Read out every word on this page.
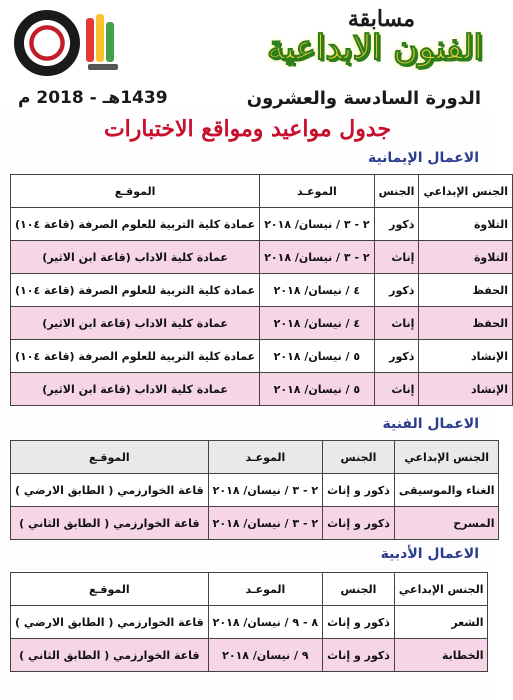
مسابقة
الفنون الابداعية
الدورة السادسة والعشرون
1439هـ - 2018 م
جدول مواعيد ومواقع الاختبارات
الاعمال الإيمانية
الجنس الإبداعي	الجنس	الموعـد	الموقـع
التلاوة	ذكور	٢ - ٣ / نيسان/ ٢٠١٨	عمادة كلية التربية للعلوم الصرفة (قاعة ١٠٤)
التلاوة	إناث	٢ - ٣ / نيسان/ ٢٠١٨	عمادة كلية الاداب (قاعة ابن الاثير)
الحفظ	ذكور	٤ / نيسان/ ٢٠١٨	عمادة كلية التربية للعلوم الصرفة (قاعة ١٠٤)
الحفظ	إناث	٤ / نيسان/ ٢٠١٨	عمادة كلية الاداب (قاعة ابن الاثير)
الإنشاد	ذكور	٥ / نيسان/ ٢٠١٨	عمادة كلية التربية للعلوم الصرفة (قاعة ١٠٤)
الإنشاد	إناث	٥ / نيسان/ ٢٠١٨	عمادة كلية الاداب (قاعة ابن الاثير)
الاعمال الفنية
الجنس الإبداعي	الجنس	الموعـد	الموقـع
الغناء والموسيقى	ذكور و إناث	٢ - ٣ / نيسان/ ٢٠١٨	قاعة الخوارزمي ( الطابق الارضي )
المسرح	ذكور و إناث	٢ - ٣ / نيسان/ ٢٠١٨	قاعة الخوارزمي ( الطابق الثاني )
الاعمال الأدبية
الجنس الإبداعي	الجنس	الموعـد	الموقـع
الشعر	ذكور و إناث	٨ - ٩ / نيسان/ ٢٠١٨	قاعة الخوارزمي ( الطابق الارضي )
الخطابة	ذكور و إناث	٩ / نيسان/ ٢٠١٨	قاعة الخوارزمي ( الطابق الثاني )
